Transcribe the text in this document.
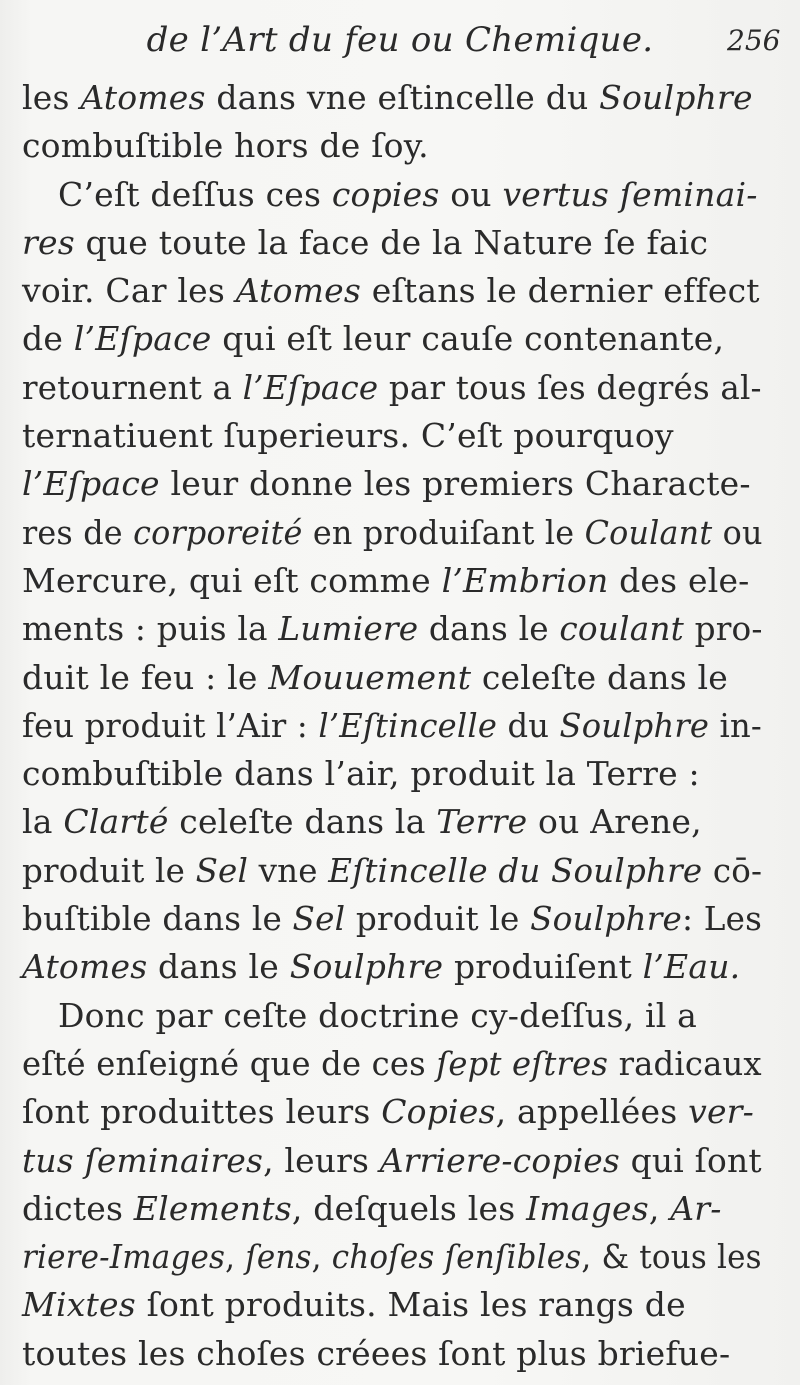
de l’Art du feu ou Chemique.	256
les Atomes dans vne eſtincelle du Soulphre
combuſtible hors de ſoy.
C’eſt deſſus ces copies ou vertus ſeminai-
res que toute la face de la Nature ſe faic
voir. Car les Atomes eſtans le dernier effect
de l’Eſpace qui eſt leur cauſe contenante,
retournent a l’Eſpace par tous ſes degrés al-
ternatiuent ſuperieurs. C’eſt pourquoy
l’Eſpace leur donne les premiers Characte-
res de corporeité en produiſant le Coulant ou
Mercure, qui eſt comme l’Embrion des ele-
ments : puis la Lumiere dans le coulant pro-
duit le feu : le Mouuement celeſte dans le
feu produit l’Air : l’Eſtincelle du Soulphre in-
combuſtible dans l’air, produit la Terre :
la Clarté celeſte dans la Terre ou Arene,
produit le Sel vne Eſtincelle du Soulphre cō-
buſtible dans le Sel produit le Soulphre: Les
Atomes dans le Soulphre produiſent l’Eau.
Donc par ceſte doctrine cy-deſſus, il a
eſté enſeigné que de ces ſept eſtres radicaux
ſont produittes leurs Copies, appellées ver-
tus ſeminaires, leurs Arriere-copies qui ſont
dictes Elements, deſquels les Images, Ar-
riere-Images, ſens, choſes ſenſibles, & tous les
Mixtes ſont produits. Mais les rangs de
toutes les choſes créees ſont plus briefue-
